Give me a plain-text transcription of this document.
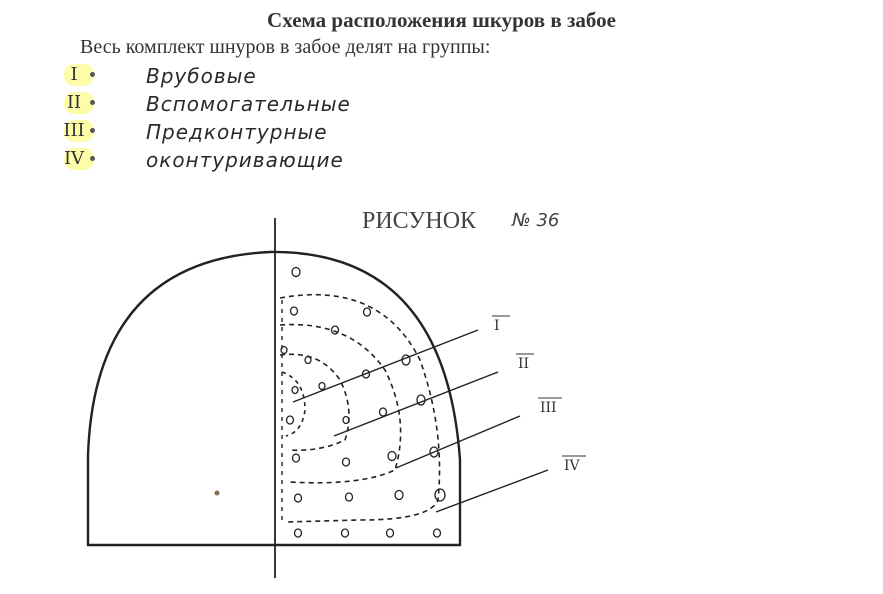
Схема расположения шкуров в забое
Весь комплект шнуров в забое делят на группы:
I	Врубовые
II	Вспомогательные
III	Предконтурные
IV	оконтуривающие
РИСУНОК № 36
I
II
III
IV
